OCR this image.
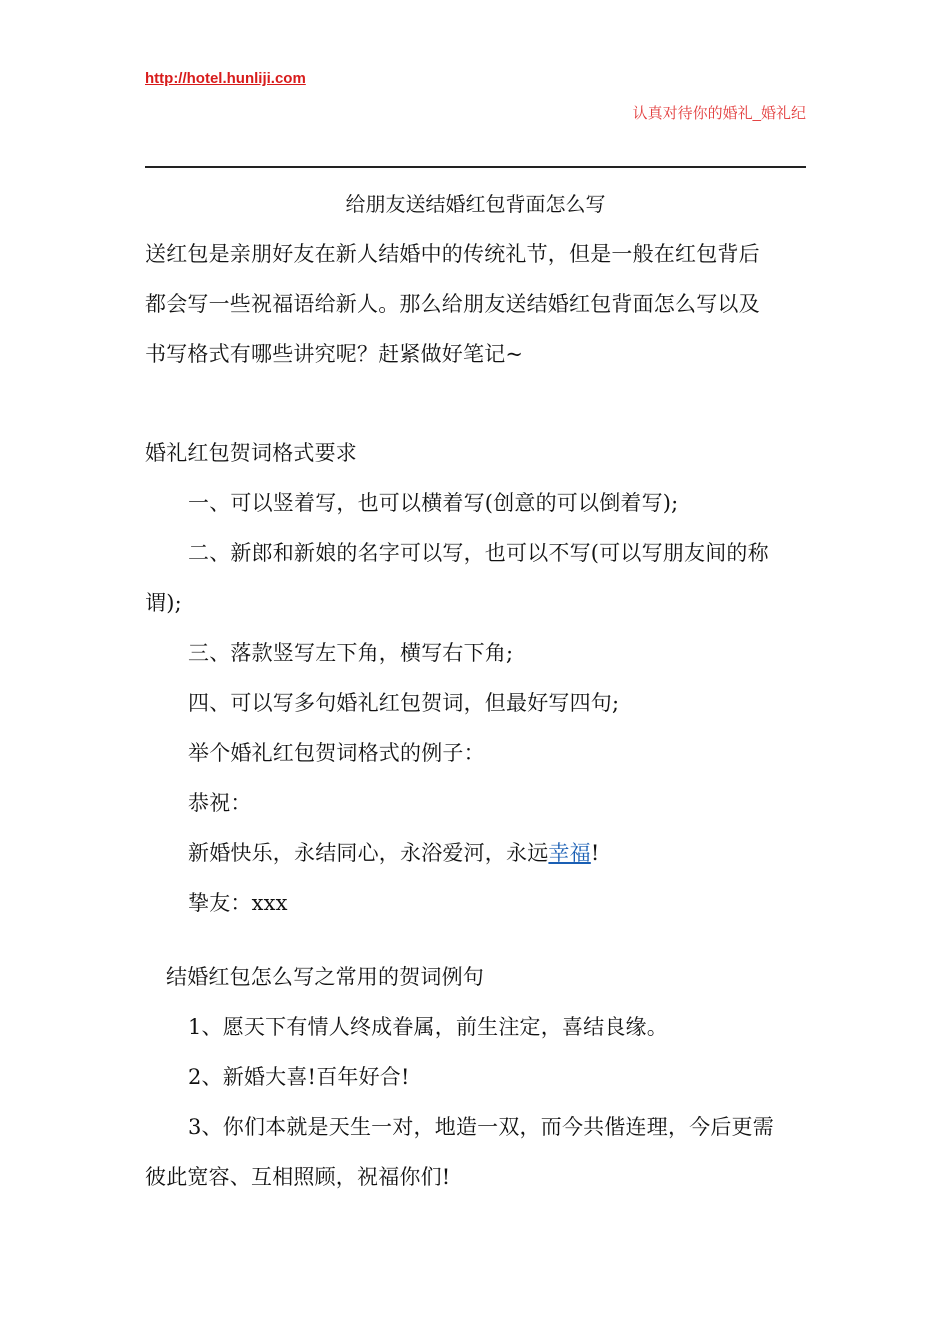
http://hotel.hunliji.com
认真对待你的婚礼_婚礼纪
给朋友送结婚红包背面怎么写
送红包是亲朋好友在新人结婚中的传统礼节，但是一般在红包背后
都会写一些祝福语给新人。那么给朋友送结婚红包背面怎么写以及
书写格式有哪些讲究呢？赶紧做好笔记~
婚礼红包贺词格式要求
一、可以竖着写，也可以横着写(创意的可以倒着写);
二、新郎和新娘的名字可以写，也可以不写(可以写朋友间的称
谓);
三、落款竖写左下角，横写右下角;
四、可以写多句婚礼红包贺词，但最好写四句;
举个婚礼红包贺词格式的例子：
恭祝：
新婚快乐，永结同心，永浴爱河，永远幸福!
挚友：xxx
结婚红包怎么写之常用的贺词例句
1、愿天下有情人终成眷属，前生注定，喜结良缘。
2、新婚大喜!百年好合!
3、你们本就是天生一对，地造一双，而今共偕连理，今后更需
彼此宽容、互相照顾，祝福你们!
